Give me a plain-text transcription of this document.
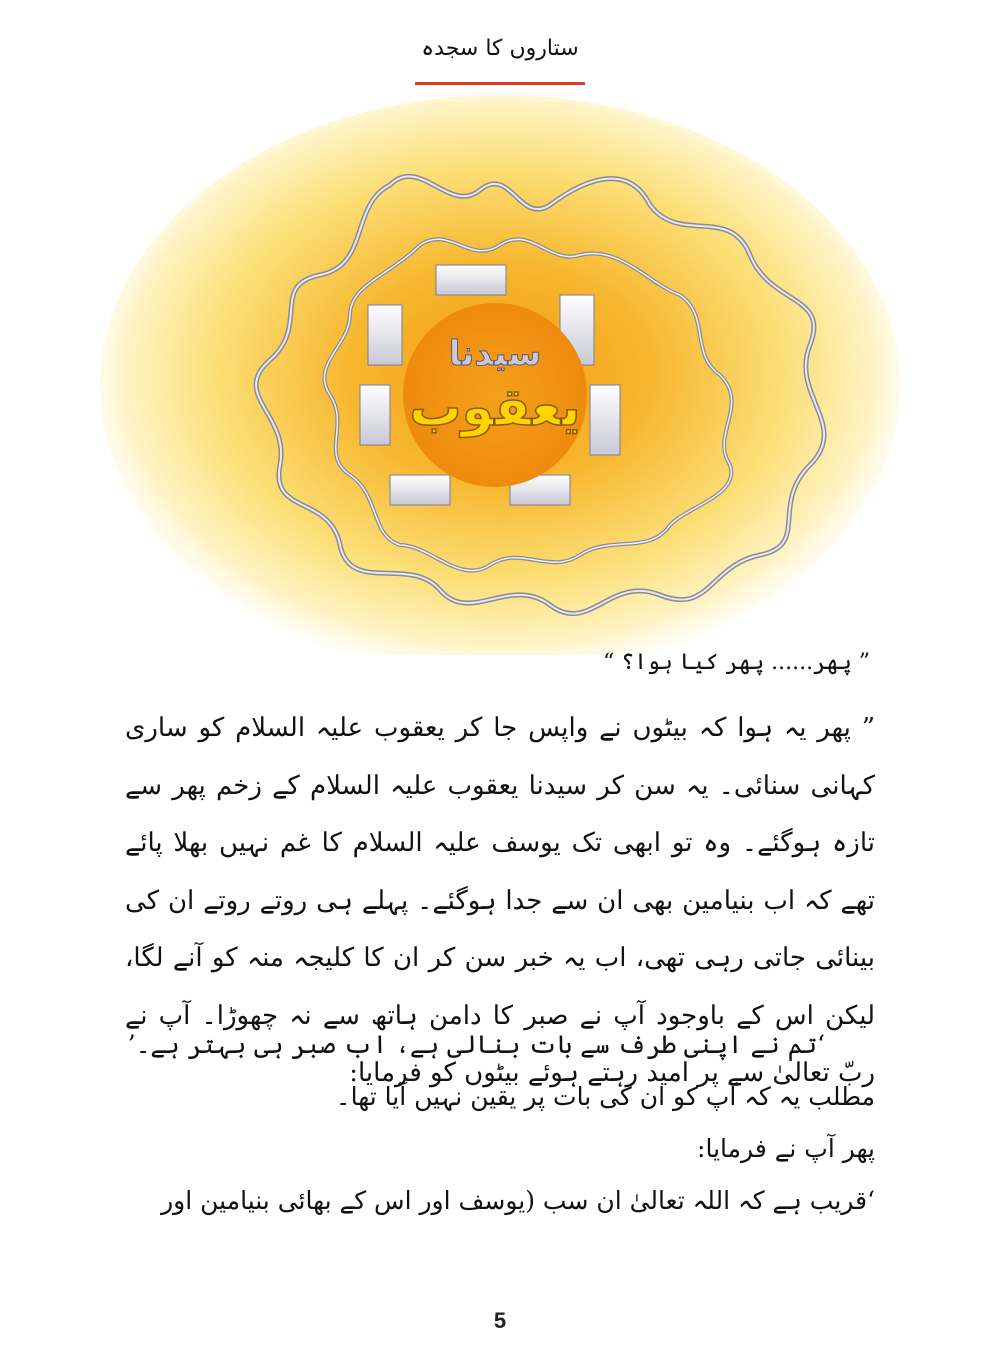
ستاروں کا سجدہ
سیدنا
یعقوب
” پھر...... پھر کیا ہوا؟ “
” پھر یہ ہوا کہ بیٹوں نے واپس جا کر یعقوب علیہ السلام کو ساری کہانی سنائی۔ یہ سن کر سیدنا یعقوب علیہ السلام کے زخم پھر سے تازہ ہوگئے۔ وہ تو ابھی تک یوسف علیہ السلام کا غم نہیں بھلا پائے تھے کہ اب بنیامین بھی ان سے جدا ہوگئے۔ پہلے ہی روتے روتے ان کی بینائی جاتی رہی تھی، اب یہ خبر سن کر ان کا کلیجہ منہ کو آنے لگا، لیکن اس کے باوجود آپ نے صبر کا دامن ہاتھ سے نہ چھوڑا۔ آپ نے ربّ تعالیٰ سے پر امید رہتے ہوئے بیٹوں کو فرمایا:
‘تم نے اپنی طرف سے بات بنالی ہے، اب صبر ہی بہتر ہے۔’
مطلب یہ کہ آپ کو ان کی بات پر یقین نہیں آیا تھا۔
پھر آپ نے فرمایا:
‘قریب ہے کہ اللہ تعالیٰ ان سب (یوسف اور اس کے بھائی بنیامین اور
5
